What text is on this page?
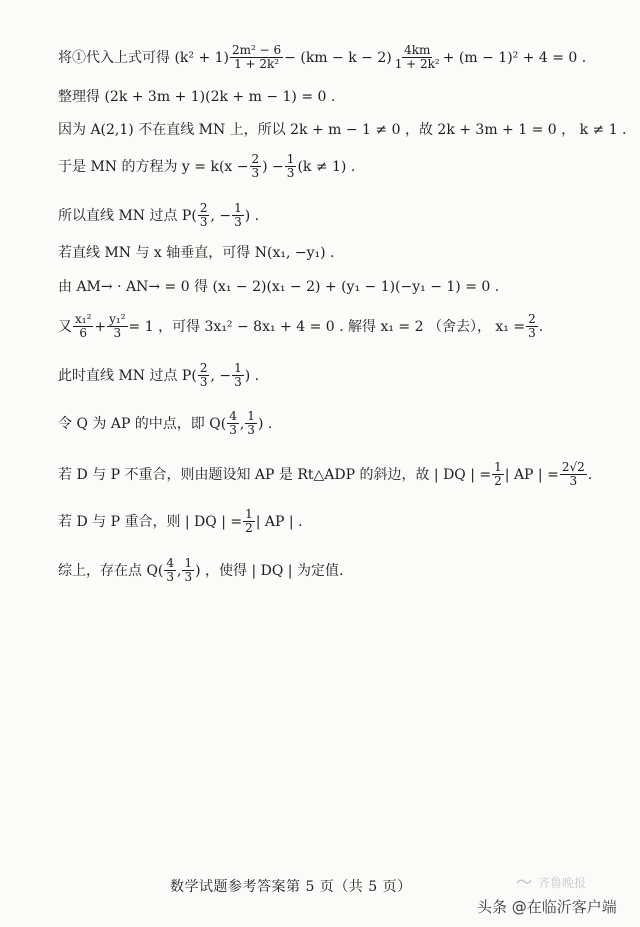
将①代入上式可得 $(k^2 + 1) \frac{\text{2m² − 6}}{\text{1 + 2k²}} - (km - k - 2) \frac{4km}{\text{1 + 2k²}} + (m - 1)^2 + 4 = 0$ .
整理得 (2k + 3m + 1)(2k + m − 1) = 0 .
因为 A(2,1) 不在直线 MN 上，所以 2k + m − 1 ≠ 0 ，故 2k + 3m + 1 = 0 ， k ≠ 1 .
于是 MN 的方程为 $y = k(x - \frac{2}{3}$ ) − $\frac{1}{3} (k \ne 1)$ .
所以直线 MN 过点 $P( \frac{2}{3}$ , − $\frac{1}{3}$ ) .
若直线 MN 与 x 轴垂直，可得 N(x₁, −y₁) .
由 AM→ · AN→ = 0 得 (x₁ − 2)(x₁ − 2) + (y₁ − 1)(−y₁ − 1) = 0 .
又 $\frac{\text{x₁²}}{6} + \frac{\text{y₁²}}{3} = 1$ ，可得 3x₁² − 8x₁ + 4 = 0 . 解得 x₁ = 2 （舍去）， $x_1 = \frac{2}{3}$ .
此时直线 MN 过点 $P( \frac{2}{3}$ , − $\frac{1}{3}$ ) .
令 Q 为 AP 的中点，即 $Q( \frac{4}{3}$ , $\frac{1}{3}$ ) .
若 D 与 P 不重合，则由题设知 AP 是 Rt△ADP 的斜边，故 | DQ | = $\frac{1}{2}$ | AP | = $\frac{2√2}{3}$ .
若 D 与 P 重合，则 | DQ | = $\frac{1}{2}$ | AP | .
综上，存在点 $Q( \frac{4}{3}$ , $\frac{1}{3}$ ) ，使得 | DQ | 为定值.
数学试题参考答案第 5 页（共 5 页）	齐鲁晚报
头条 @在临沂客户端
